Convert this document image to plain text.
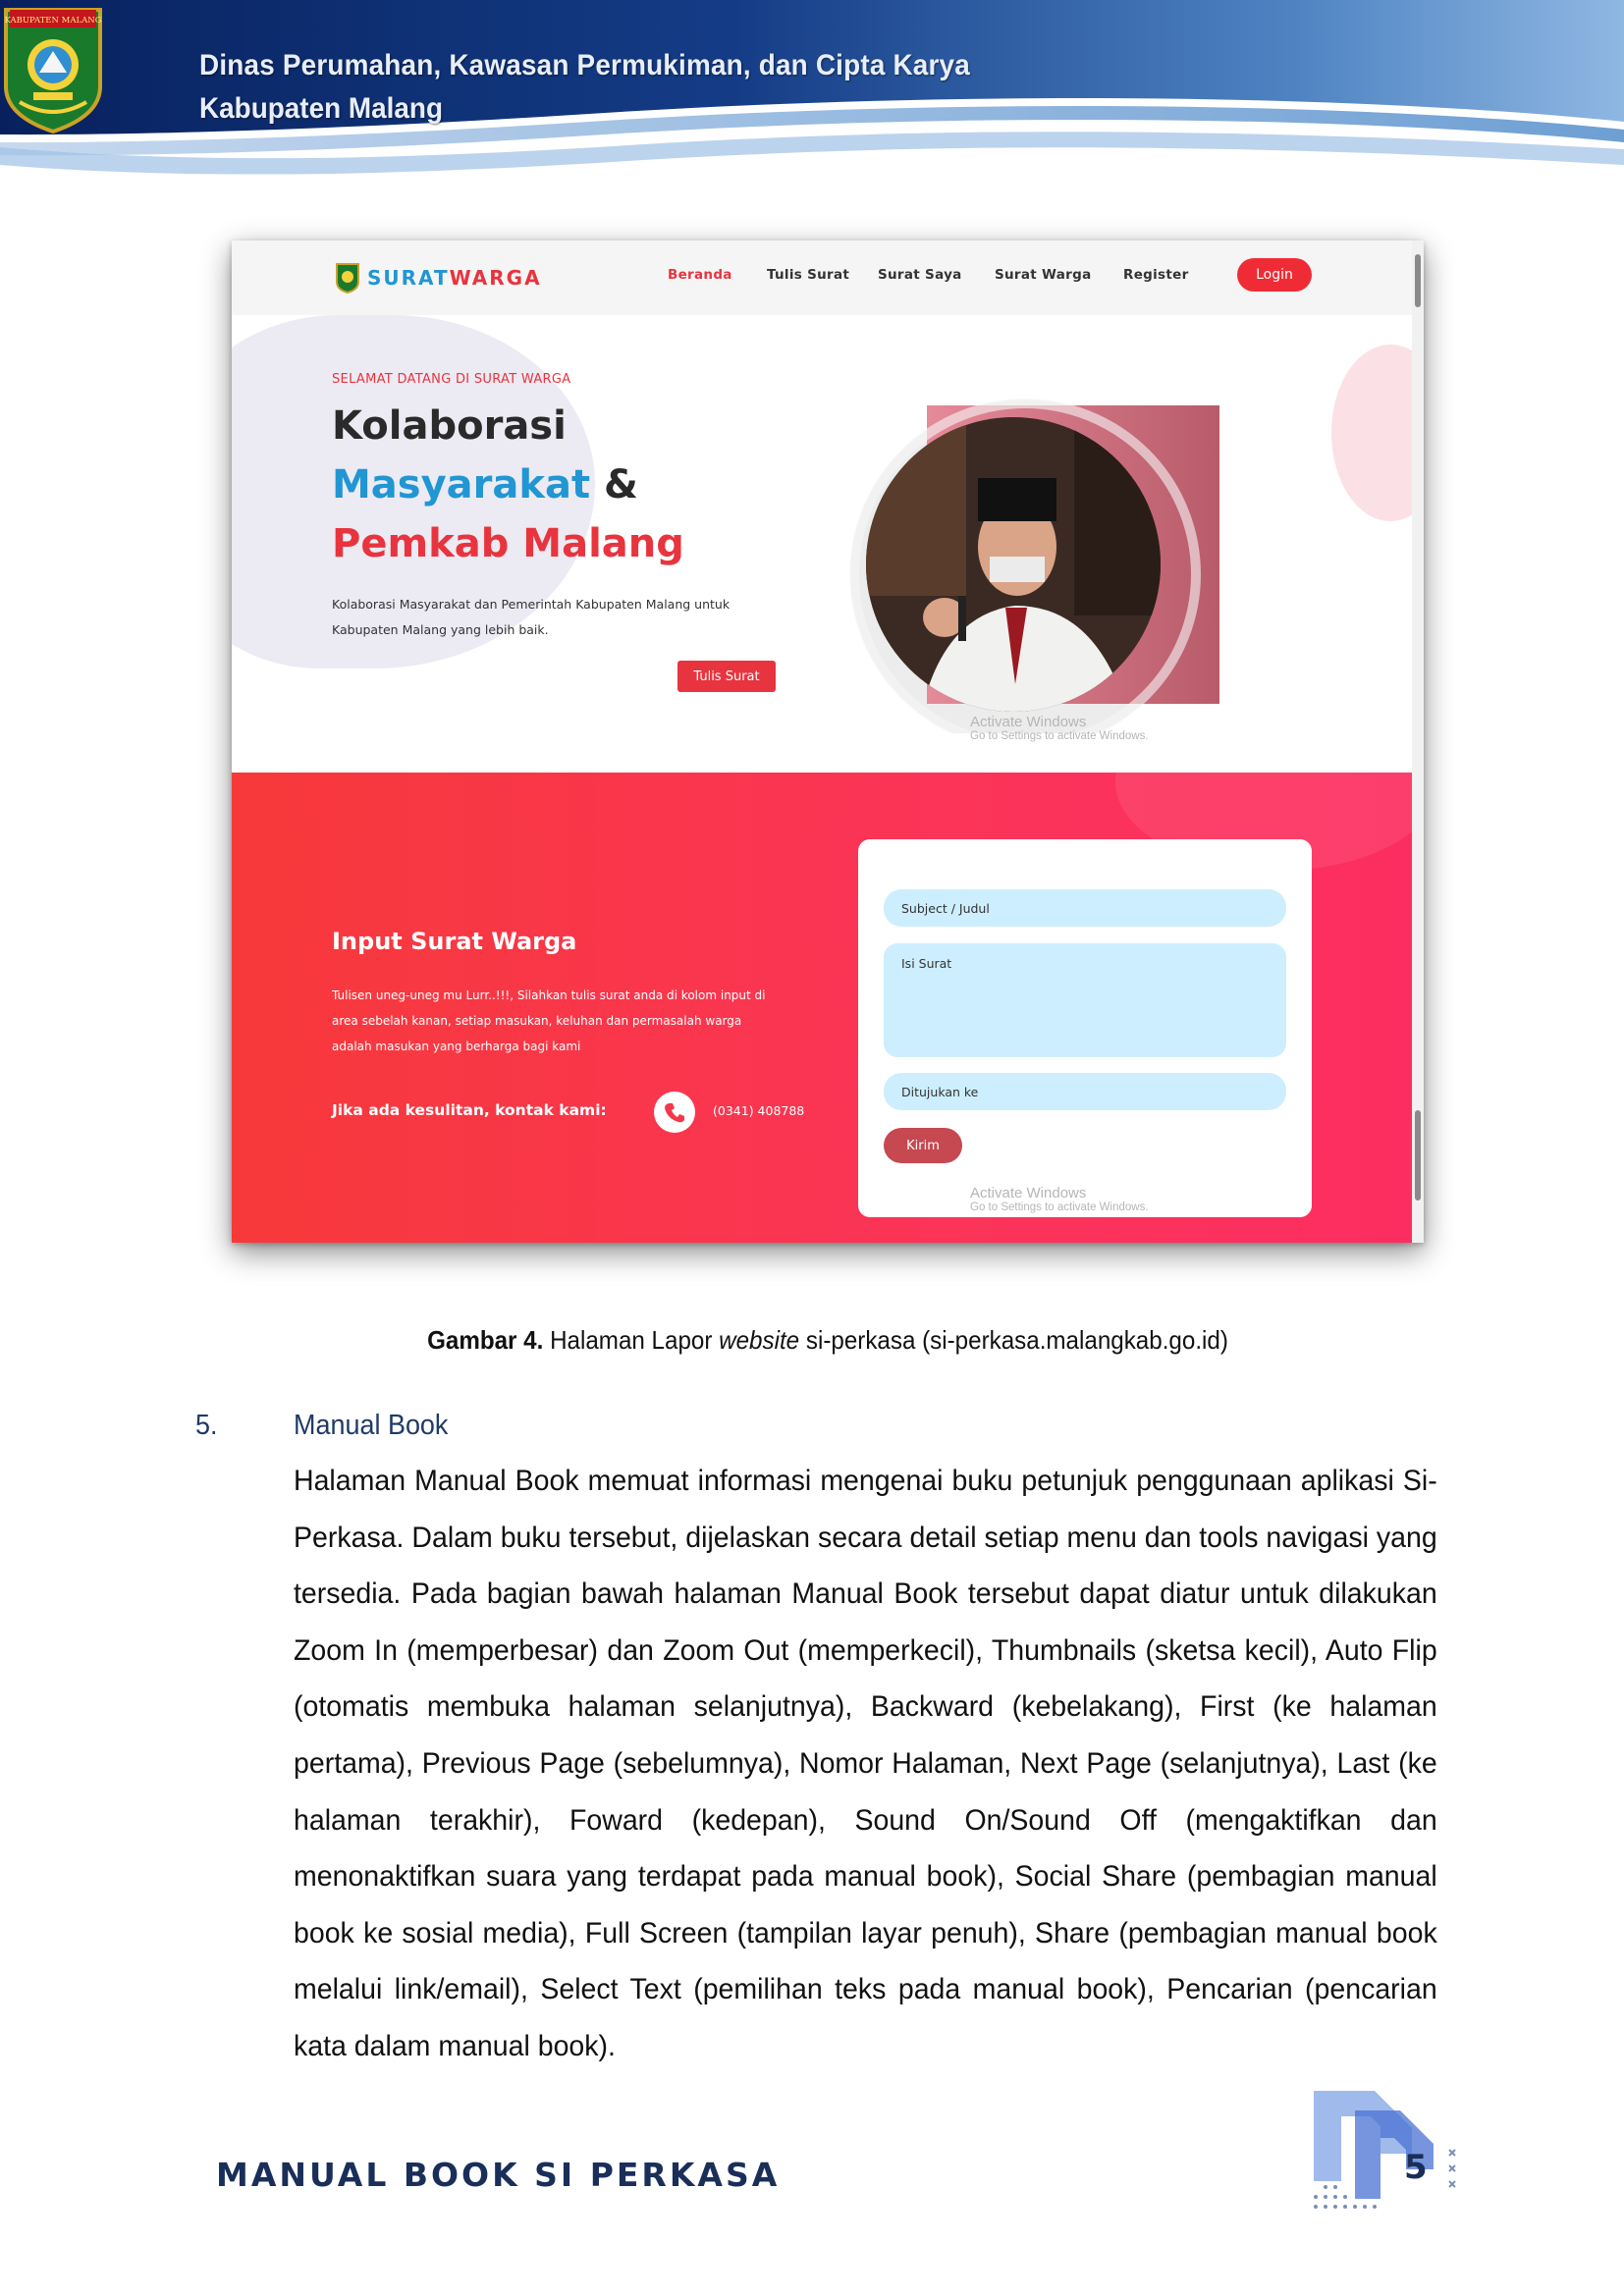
KABUPATEN MALANG
Dinas Perumahan, Kawasan Permukiman, dan Cipta Karya
Kabupaten Malang
SURATWARGA	Beranda	Tulis Surat Surat Saya Surat Warga Register	Login
SELAMAT DATANG DI SURAT WARGA
Kolaborasi
Masyarakat &
Pemkab Malang
Kolaborasi Masyarakat dan Pemerintah Kabupaten Malang untuk
Kabupaten Malang yang lebih baik.
Tulis Surat
Activate Windows
Go to Settings to activate Windows.
Input Surat Warga
Tulisen uneg-uneg mu Lurr..!!!, Silahkan tulis surat anda di kolom input di
area sebelah kanan, setiap masukan, keluhan dan permasalah warga
adalah masukan yang berharga bagi kami
Jika ada kesulitan, kontak kami:	(0341) 408788
Subject / Judul
Isi Surat
Ditujukan ke
Kirim
Activate Windows
Go to Settings to activate Windows.
Gambar 4. Halaman Lapor website si-perkasa (si-perkasa.malangkab.go.id)
5.	Manual Book
Halaman Manual Book memuat informasi mengenai buku petunjuk penggunaan aplikasi Si-Perkasa. Dalam buku tersebut, dijelaskan secara detail setiap menu dan tools navigasi yang tersedia. Pada bagian bawah halaman Manual Book tersebut dapat diatur untuk dilakukan Zoom In (memperbesar) dan Zoom Out (memperkecil), Thumbnails (sketsa kecil), Auto Flip (otomatis membuka halaman selanjutnya), Backward (kebelakang), First (ke halaman pertama), Previous Page (sebelumnya), Nomor Halaman, Next Page (selanjutnya), Last (ke halaman terakhir), Foward (kedepan), Sound On/Sound Off (mengaktifkan dan menonaktifkan suara yang terdapat pada manual book), Social Share (pembagian manual book ke sosial media), Full Screen (tampilan layar penuh), Share (pembagian manual book melalui link/email), Select Text (pemilihan teks pada manual book), Pencarian (pencarian kata dalam manual book).
MANUAL BOOK SI PERKASA	5
